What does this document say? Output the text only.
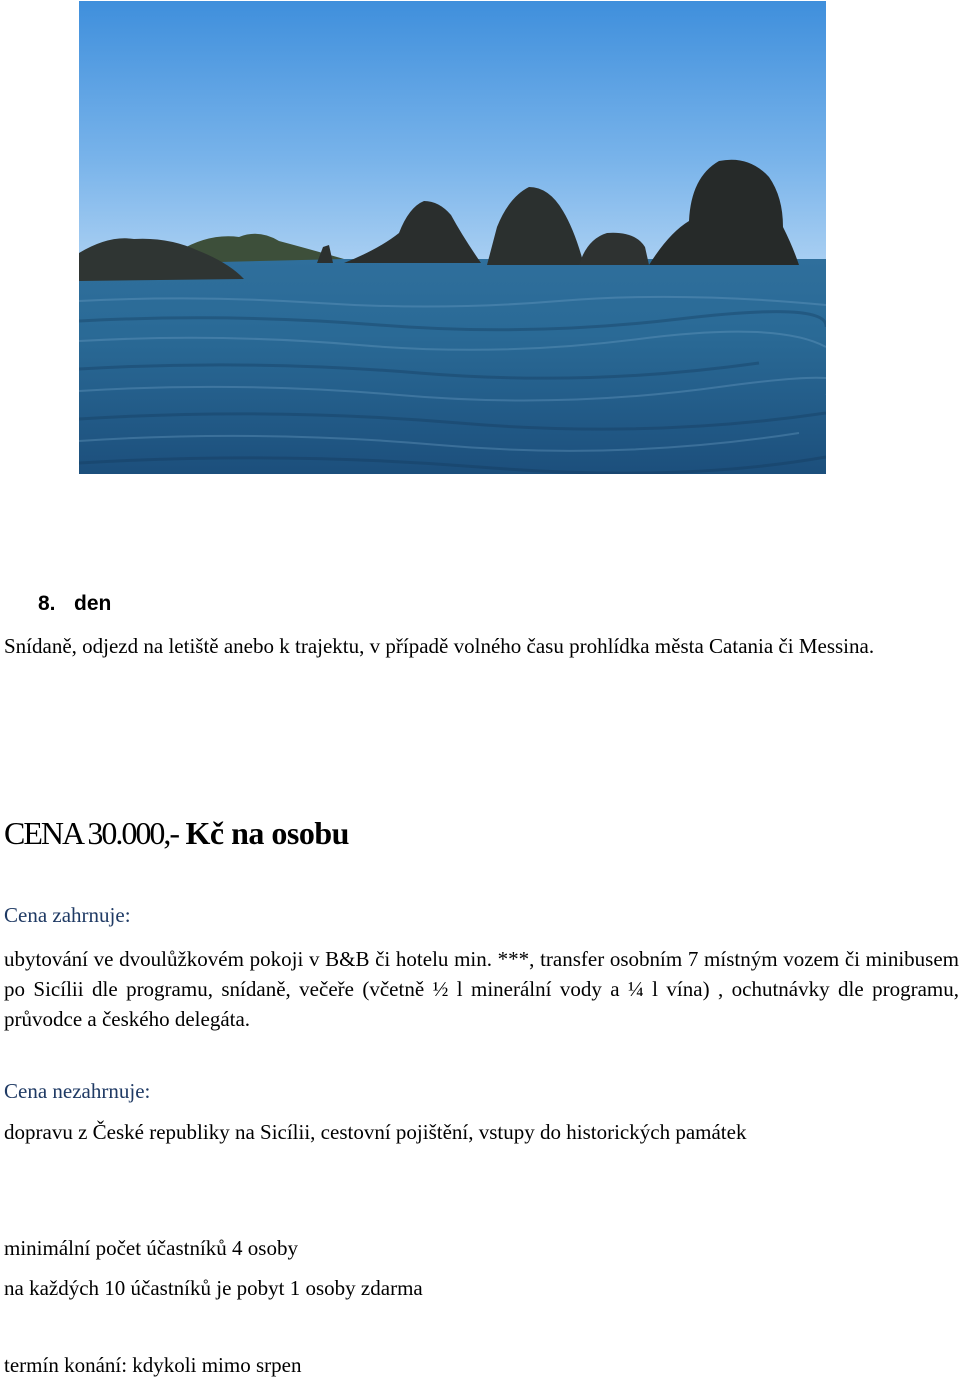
8. den
Snídaně, odjezd na letiště anebo k trajektu, v případě volného času prohlídka města Catania či Messina.
CENA 30.000,- Kč na osobu
Cena zahrnuje:
ubytování ve dvoulůžkovém pokoji v B&B či hotelu min. ***, transfer osobním 7 místným vozem či minibusem po Sicílii dle programu, snídaně, večeře (včetně ½ l minerální vody a ¼ l vína) , ochutnávky dle programu, průvodce a českého delegáta.
Cena nezahrnuje:
dopravu z České republiky na Sicílii, cestovní pojištění, vstupy do historických památek
minimální počet účastníků 4 osoby
na každých 10 účastníků je pobyt 1 osoby zdarma
termín konání: kdykoli mimo srpen
